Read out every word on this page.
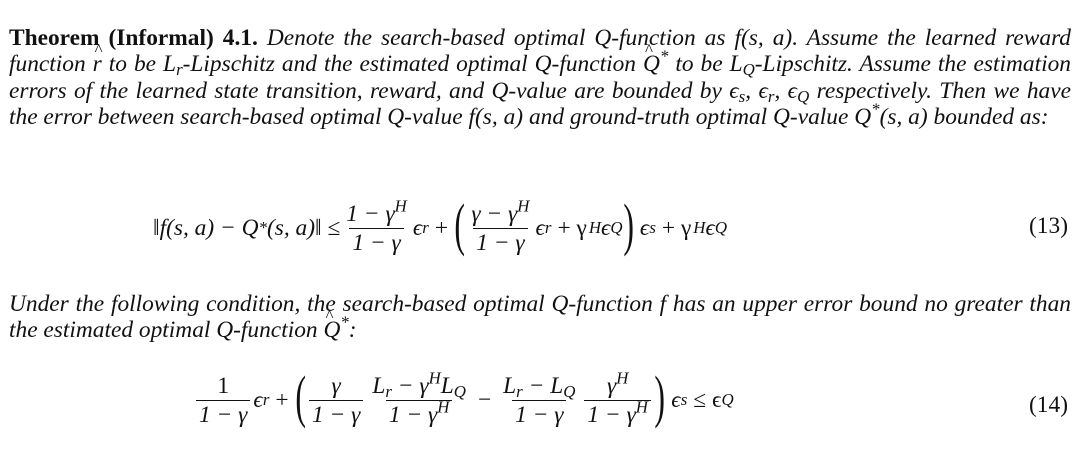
Theorem (Informal) 4.1. Denote the search-based optimal Q-function as f(s, a). Assume the learned reward function ^ r to be $L_r$-Lipschitz and the estimated optimal Q-function ^ Q* to be $L_Q$-Lipschitz. Assume the estimation errors of the learned state transition, reward, and Q-value are bounded by $\epsilon_s$, $\epsilon_r$, $\epsilon_Q$ respectively. Then we have the error between search-based optimal Q-value f(s, a) and ground-truth optimal Q-value Q*(s, a) bounded as:
‖f(s, a) − Q * (s, a)‖ ≤ $\frac{1 - \gamma^H}{1 - \gamma}$ ϵ r + ( $\frac{\gamma - \gamma^H}{1 - \gamma}$ ϵ r + γ H ϵ Q ) ϵ s + γ H ϵ Q	(13)
Under the following condition, the search-based optimal Q-function f has an upper error bound no greater than the estimated optimal Q-function ^ Q*:
$\frac{1}{1 - \gamma}$ ϵ r + ( $\frac{\gamma}{1 - \gamma} \frac{L_r - \gamma^HL_Q}{1 - \gamma^H} - \frac{L_r - L_Q}{1 - \gamma} \frac{\gamma^H}{1 - \gamma^H}$ ) ϵ s ≤ ϵ Q	(14)
